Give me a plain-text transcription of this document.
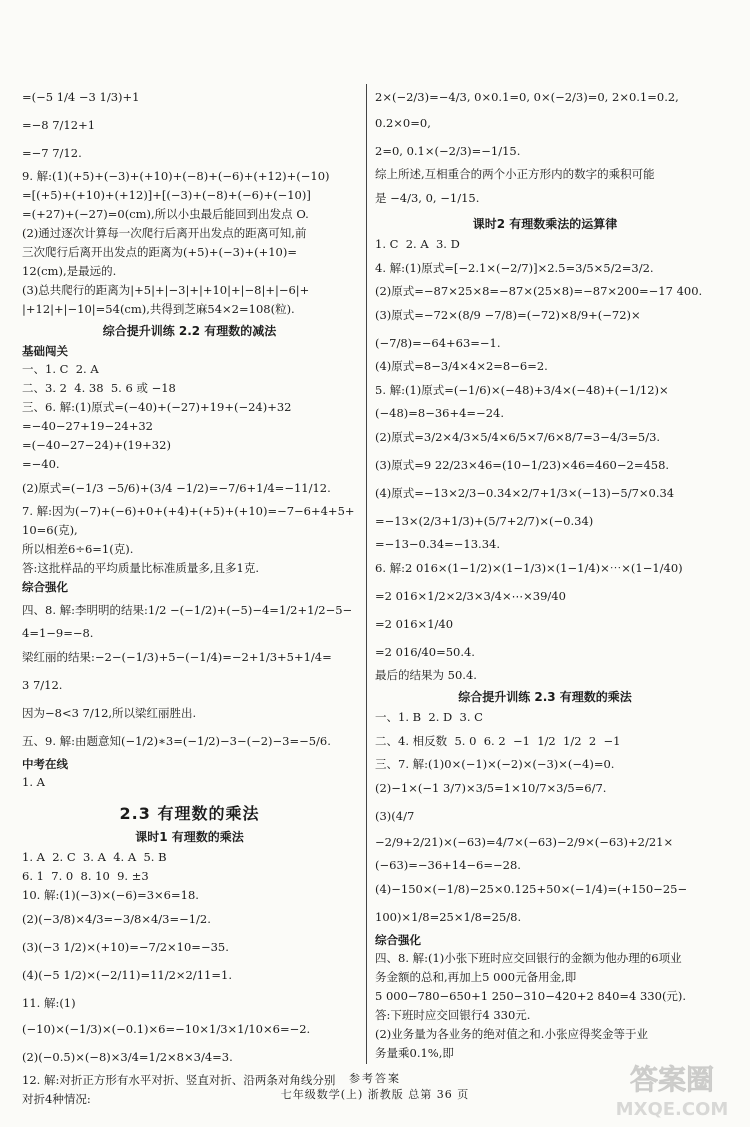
=(−5 1/4 −3 1/3)+1
=−8 7/12+1
=−7 7/12.
9. 解:(1)(+5)+(−3)+(+10)+(−8)+(−6)+(+12)+(−10)
=[(+5)+(+10)+(+12)]+[(−3)+(−8)+(−6)+(−10)]
=(+27)+(−27)=0(cm),所以小虫最后能回到出发点 O.
(2)通过逐次计算每一次爬行后离开出发点的距离可知,前
三次爬行后离开出发点的距离为(+5)+(−3)+(+10)=
12(cm),是最远的.
(3)总共爬行的距离为|+5|+|−3|+|+10|+|−8|+|−6|+
|+12|+|−10|=54(cm),共得到芝麻54×2=108(粒).
综合提升训练 2.2 有理数的减法
基础闯关
一、1. C  2. A
二、3. 2  4. 38  5. 6 或 −18
三、6. 解:(1)原式=(−40)+(−27)+19+(−24)+32
=−40−27+19−24+32
=(−40−27−24)+(19+32)
=−40.
(2)原式=(−1/3 −5/6)+(3/4 −1/2)=−7/6+1/4=−11/12.
7. 解:因为(−7)+(−6)+0+(+4)+(+5)+(+10)=−7−6+4+5+
10=6(克),
所以相差6÷6=1(克).
答:这批样品的平均质量比标准质量多,且多1克.
综合强化
四、8. 解:李明明的结果:1/2 −(−1/2)+(−5)−4=1/2+1/2−5−
4=1−9=−8.
梁红丽的结果:−2−(−1/3)+5−(−1/4)=−2+1/3+5+1/4=
3 7/12.
因为−8<3 7/12,所以梁红丽胜出.
五、9. 解:由题意知(−1/2)∗3=(−1/2)−3−(−2)−3=−5/6.
中考在线
1. A
2.3 有理数的乘法
课时1 有理数的乘法
1. A  2. C  3. A  4. A  5. B
6. 1  7. 0  8. 10  9. ±3
10. 解:(1)(−3)×(−6)=3×6=18.
(2)(−3/8)×4/3=−3/8×4/3=−1/2.
(3)(−3 1/2)×(+10)=−7/2×10=−35.
(4)(−5 1/2)×(−2/11)=11/2×2/11=1.
11. 解:(1)(−10)×(−1/3)×(−0.1)×6=−10×1/3×1/10×6=−2.
(2)(−0.5)×(−8)×3/4=1/2×8×3/4=3.
12. 解:对折正方形有水平对折、竖直对折、沿两条对角线分别
对折4种情况:
2×(−2/3)=−4/3, 0×0.1=0, 0×(−2/3)=0, 2×0.1=0.2, 0.2×0=0,
2=0, 0.1×(−2/3)=−1/15.
综上所述,互相重合的两个小正方形内的数字的乘积可能
是 −4/3, 0, −1/15.
课时2 有理数乘法的运算律
1. C  2. A  3. D
4. 解:(1)原式=[−2.1×(−2/7)]×2.5=3/5×5/2=3/2.
(2)原式=−87×25×8=−87×(25×8)=−87×200=−17 400.
(3)原式=−72×(8/9 −7/8)=(−72)×8/9+(−72)×
(−7/8)=−64+63=−1.
(4)原式=8−3/4×4×2=8−6=2.
5. 解:(1)原式=(−1/6)×(−48)+3/4×(−48)+(−1/12)×
(−48)=8−36+4=−24.
(2)原式=3/2×4/3×5/4×6/5×7/6×8/7=3−4/3=5/3.
(3)原式=9 22/23×46=(10−1/23)×46=460−2=458.
(4)原式=−13×2/3−0.34×2/7+1/3×(−13)−5/7×0.34
=−13×(2/3+1/3)+(5/7+2/7)×(−0.34)
=−13−0.34=−13.34.
6. 解:2 016×(1−1/2)×(1−1/3)×(1−1/4)×⋯×(1−1/40)
=2 016×1/2×2/3×3/4×⋯×39/40
=2 016×1/40
=2 016/40=50.4.
最后的结果为 50.4.
综合提升训练 2.3 有理数的乘法
一、1. B  2. D  3. C
二、4. 相反数  5. 0  6. 2  −1  1/2  1/2  2  −1
三、7. 解:(1)0×(−1)×(−2)×(−3)×(−4)=0.
(2)−1×(−1 3/7)×3/5=1×10/7×3/5=6/7.
(3)(4/7 −2/9+2/21)×(−63)=4/7×(−63)−2/9×(−63)+2/21×
(−63)=−36+14−6=−28.
(4)−150×(−1/8)−25×0.125+50×(−1/4)=(+150−25−
100)×1/8=25×1/8=25/8.
综合强化
四、8. 解:(1)小张下班时应交回银行的金额为他办理的6项业
务金额的总和,再加上5 000元备用金,即
5 000−780−650+1 250−310−420+2 840=4 330(元).
答:下班时应交回银行4 330元.
(2)业务量为各业务的绝对值之和.小张应得奖金等于业
务量乘0.1%,即
参考答案
七年级数学(上) 浙教版 总第 36 页	答案圈
MXQE.COM
